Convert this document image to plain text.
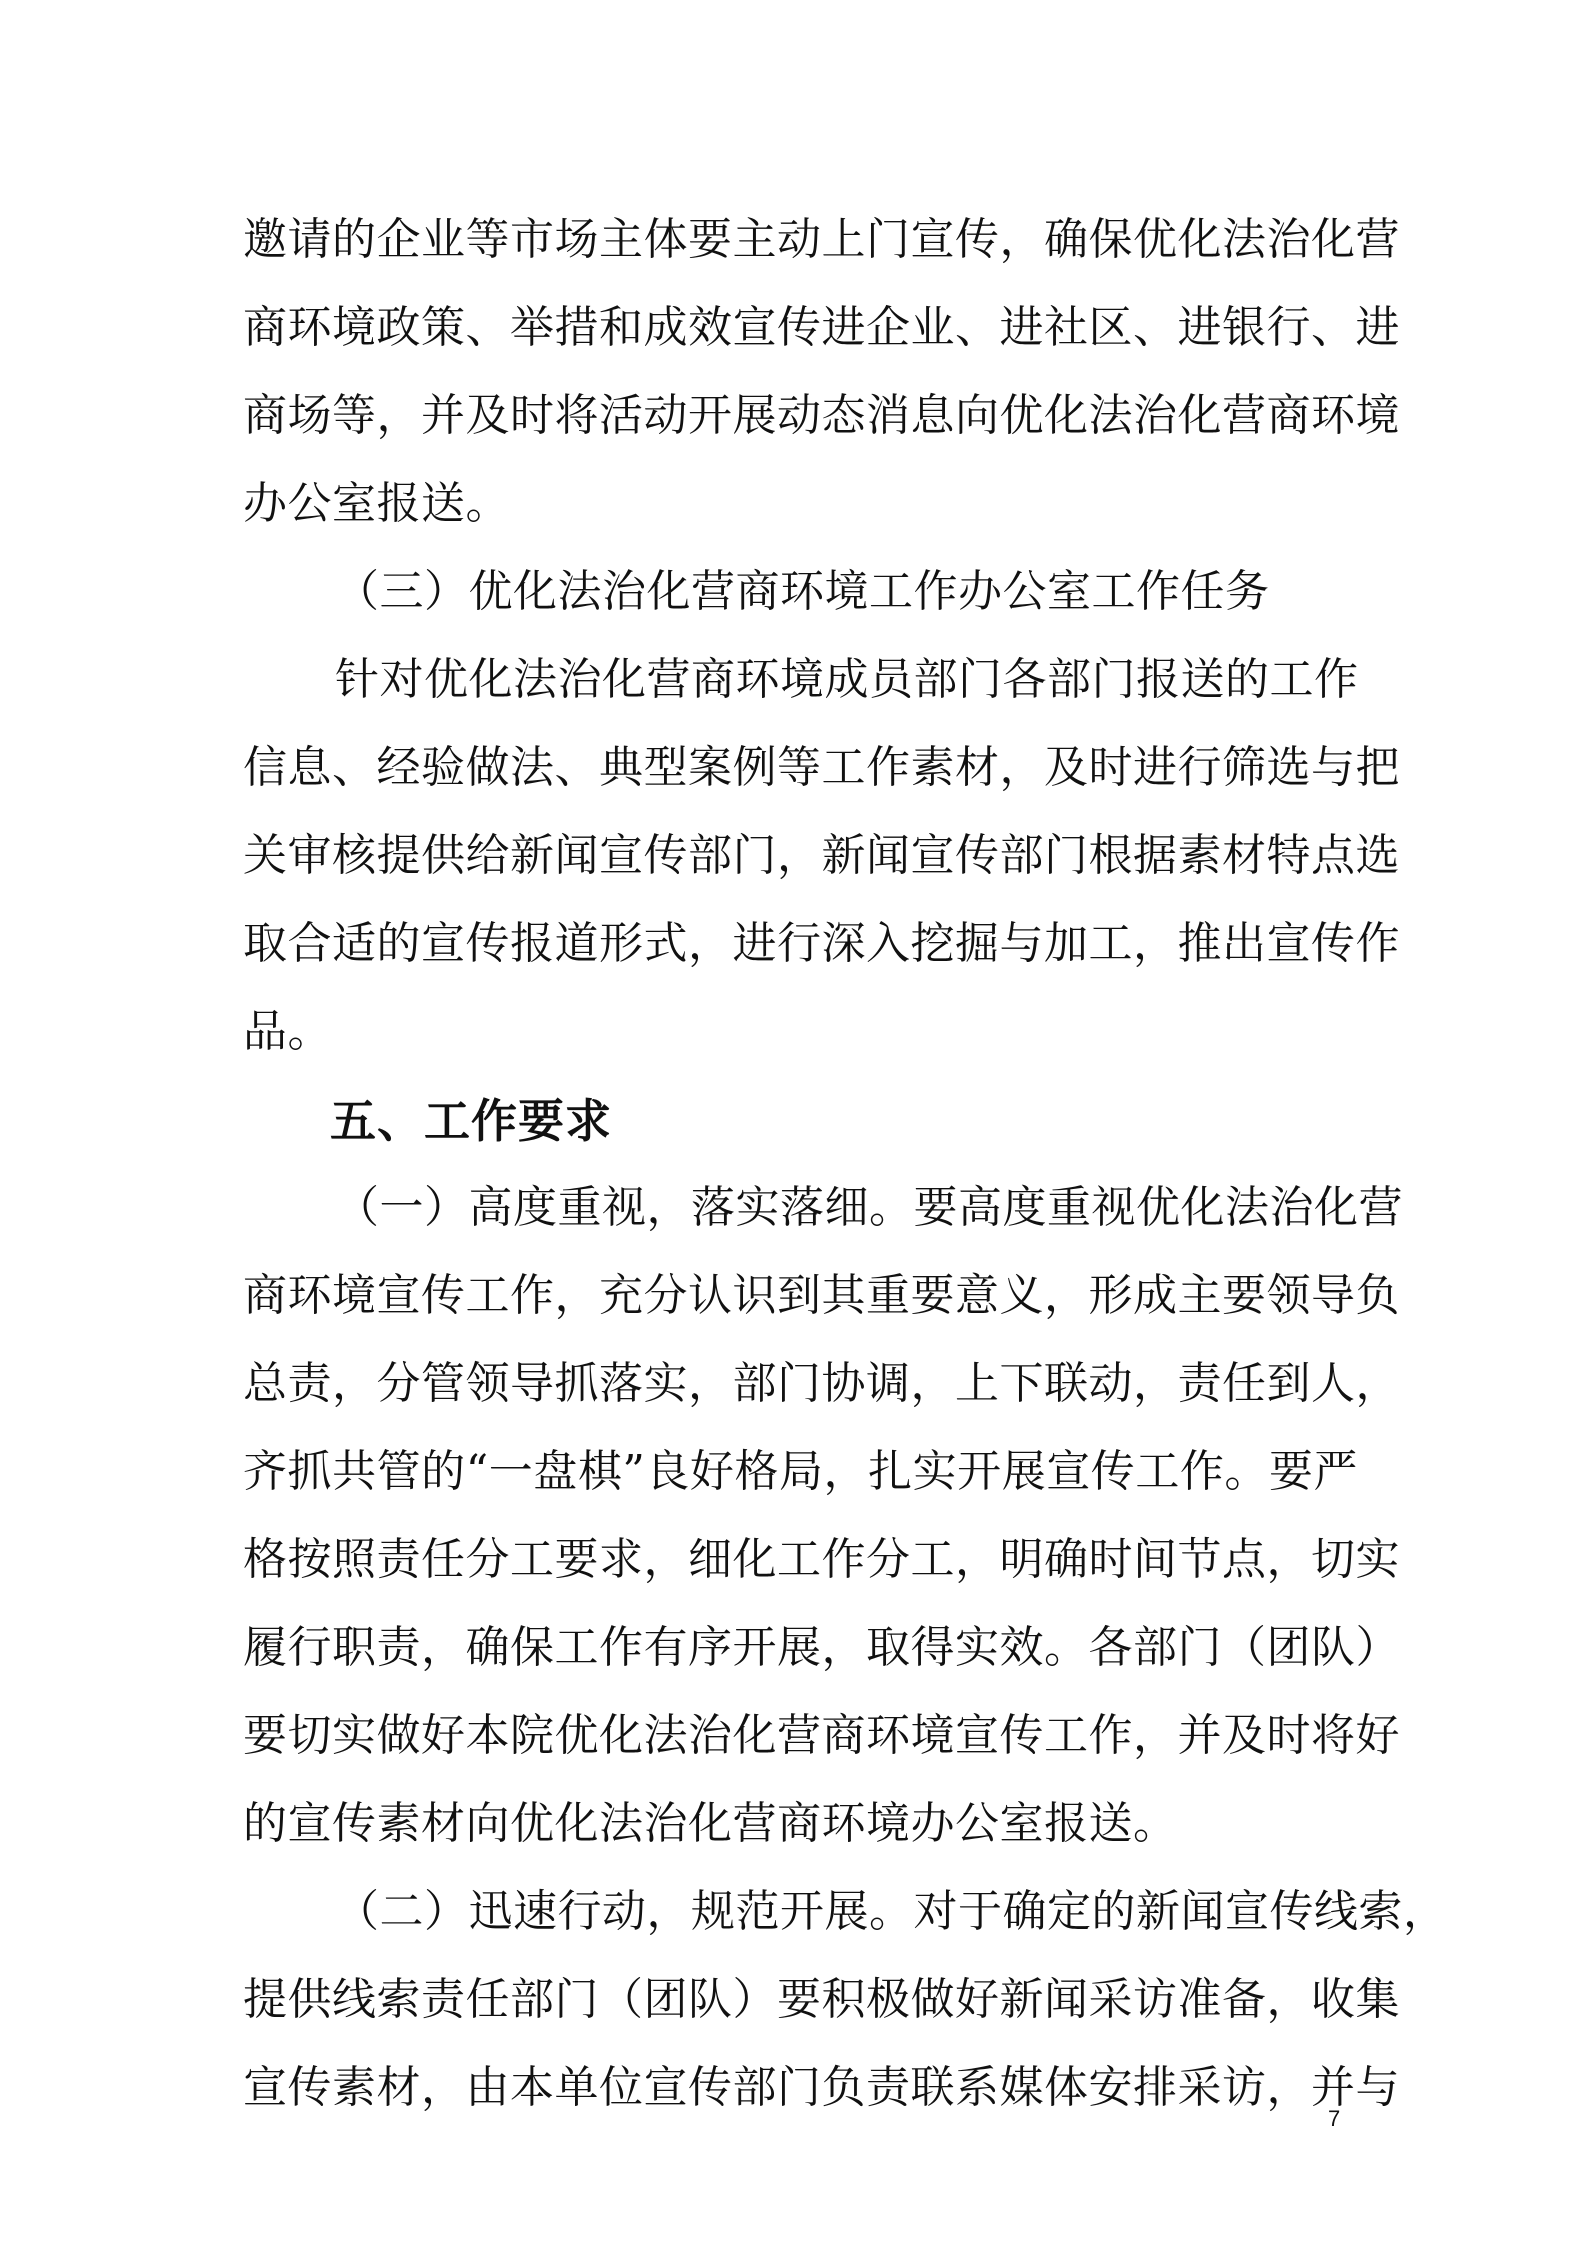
邀请的企业等市场主体要主动上门宣传，确保优化法治化营
商环境政策、举措和成效宣传进企业、进社区、进银行、进
商场等，并及时将活动开展动态消息向优化法治化营商环境
办公室报送。
（三）优化法治化营商环境工作办公室工作任务
针对优化法治化营商环境成员部门各部门报送的工作
信息、经验做法、典型案例等工作素材，及时进行筛选与把
关审核提供给新闻宣传部门，新闻宣传部门根据素材特点选
取合适的宣传报道形式，进行深入挖掘与加工，推出宣传作
品。
五、工作要求
（一）高度重视，落实落细。要高度重视优化法治化营
商环境宣传工作，充分认识到其重要意义，形成主要领导负
总责，分管领导抓落实，部门协调，上下联动，责任到人，
齐抓共管的“一盘棋”良好格局，扎实开展宣传工作。要严
格按照责任分工要求，细化工作分工，明确时间节点，切实
履行职责，确保工作有序开展，取得实效。各部门（团队）
要切实做好本院优化法治化营商环境宣传工作，并及时将好
的宣传素材向优化法治化营商环境办公室报送。
（二）迅速行动，规范开展。对于确定的新闻宣传线索，
提供线索责任部门（团队）要积极做好新闻采访准备，收集
宣传素材，由本单位宣传部门负责联系媒体安排采访，并与
7
